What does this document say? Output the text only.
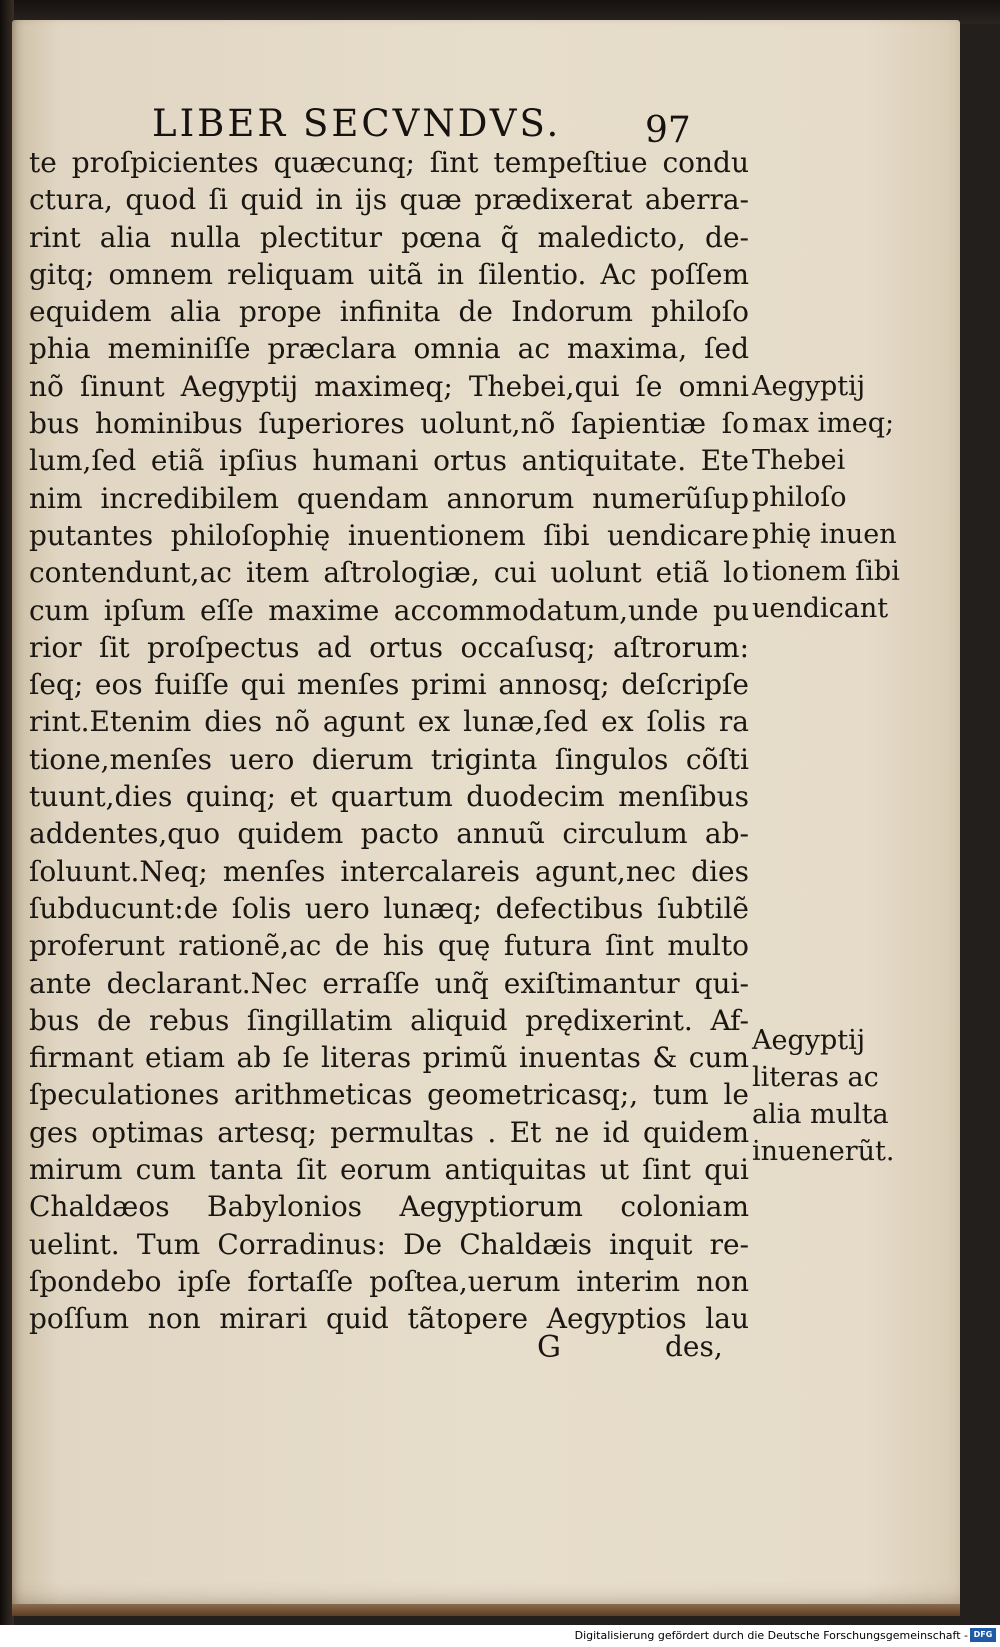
LIBER SECVNDVS. 97
te proſpicientes quæcunq; ſint tempeſtiue condu
ctura, quod ſi quid in ijs quæ prædixerat aberra-
rint alia nulla plectitur pœna q̃ maledicto, de-
gitq; omnem reliquam uitã in ſilentio. Ac poſſem
equidem alia prope infinita de Indorum philoſo
phia meminiſſe præclara omnia ac maxima, ſed
nõ ſinunt Aegyptij maximeq; Thebei,qui ſe omni
bus hominibus ſuperiores uolunt,nõ ſapientiæ ſo
lum,ſed etiã ipſius humani ortus antiquitate. Ete
nim incredibilem quendam annorum numerũſup
putantes philoſophię inuentionem ſibi uendicare
contendunt,ac item aſtrologiæ, cui uolunt etiã lo
cum ipſum eſſe maxime accommodatum,unde pu
rior ſit proſpectus ad ortus occaſusq; aſtrorum:
ſeq; eos fuiſſe qui menſes primi annosq; deſcripſe
rint.Etenim dies nõ agunt ex lunæ,ſed ex ſolis ra
tione,menſes uero dierum triginta ſingulos cõſti
tuunt,dies quinq; et quartum duodecim menſibus
addentes,quo quidem pacto annuũ circulum ab-
ſoluunt.Neq; menſes intercalareis agunt,nec dies
ſubducunt:de ſolis uero lunæq; defectibus ſubtilẽ
proferunt rationẽ,ac de his quę futura ſint multo
ante declarant.Nec erraſſe unq̃ exiſtimantur qui-
bus de rebus ſingillatim aliquid prędixerint. Af-
firmant etiam ab ſe literas primũ inuentas & cum
ſpeculationes arithmeticas geometricasq;, tum le
ges optimas artesq; permultas . Et ne id quidem
mirum cum tanta ſit eorum antiquitas ut ſint qui
Chaldæos Babylonios Aegyptiorum coloniam
uelint. Tum Corradinus: De Chaldæis inquit re-
ſpondebo ipſe fortaſſe poſtea,uerum interim non
poſſum non mirari quid tãtopere Aegyptios lau
G	des,
Aegyptij
max imeq;
Thebei
philoſo
phię inuen
tionem ſibi
uendicant
Aegyptij
literas ac
alia multa
inuenerũt.
Digitalisierung gefördert durch die Deutsche Forschungsgemeinschaft - DFG
